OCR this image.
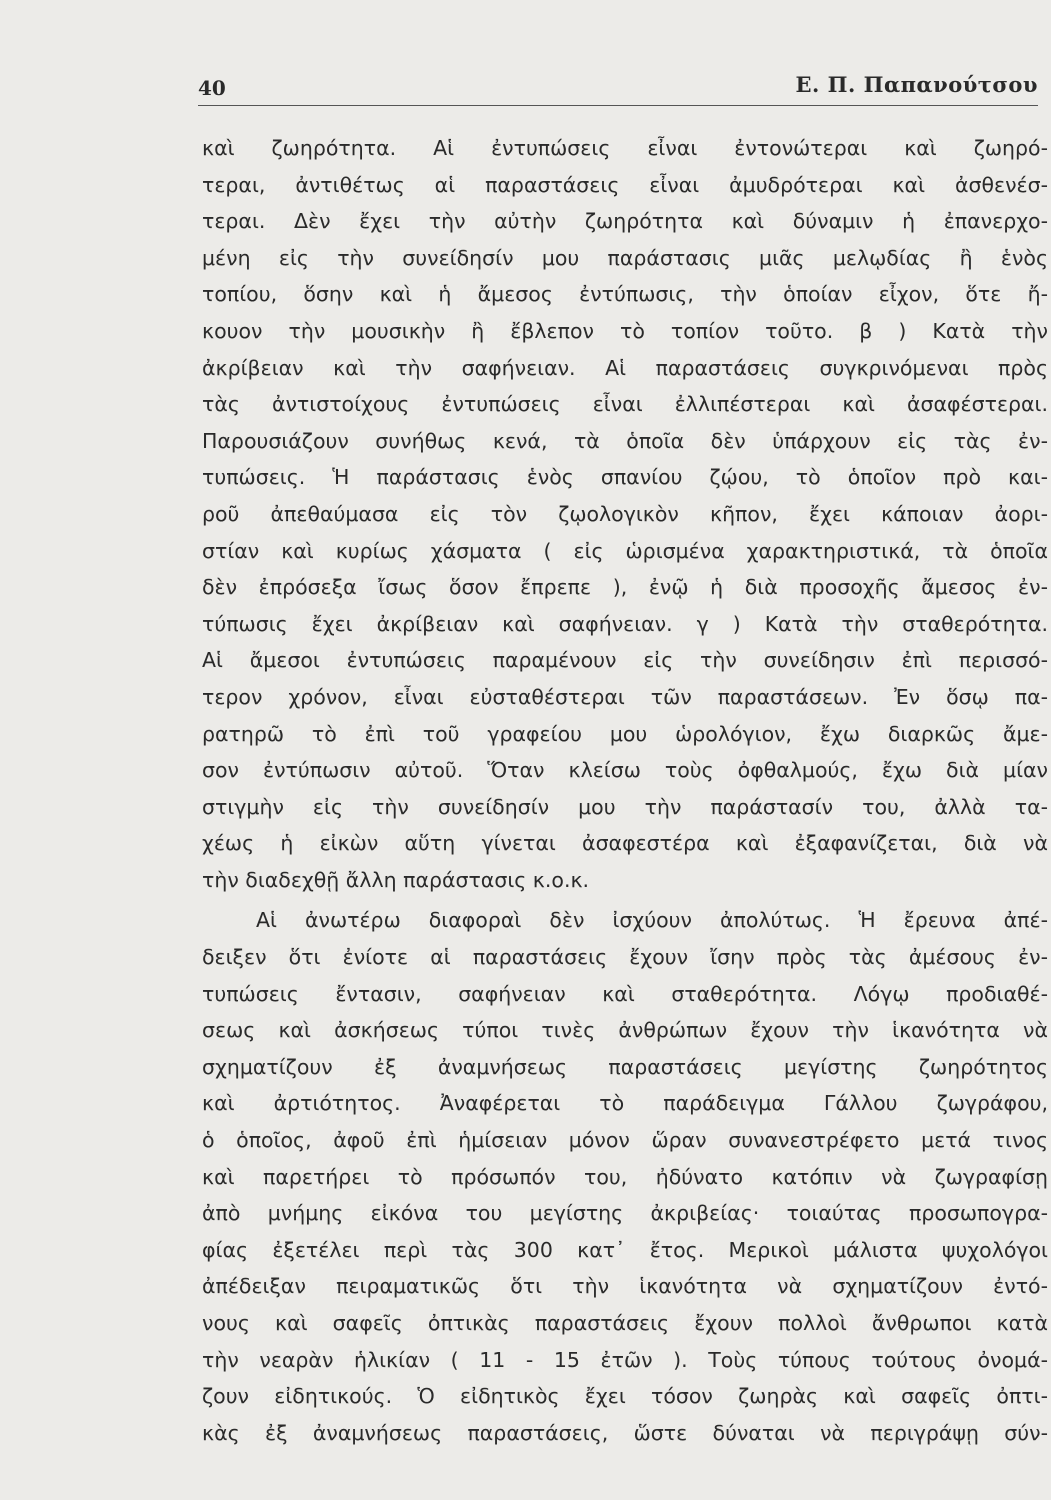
40	Ε. Π. Παπανούτσου
καὶ ζωηρότητα. Αἱ ἐντυπώσεις εἶναι ἐντονώτεραι καὶ ζωηρό-
τεραι, ἀντιθέτως αἱ παραστάσεις εἶναι ἀμυδρότεραι καὶ ἀσθενέσ-
τεραι. Δὲν ἔχει τὴν αὐτὴν ζωηρότητα καὶ δύναμιν ἡ ἐπανερχο-
μένη εἰς τὴν συνείδησίν μου παράστασις μιᾶς μελῳδίας ἢ ἑνὸς
τοπίου, ὅσην καὶ ἡ ἄμεσος ἐντύπωσις, τὴν ὁποίαν εἶχον, ὅτε ἤ-
κουον τὴν μουσικὴν ἢ ἔβλεπον τὸ τοπίον τοῦτο. β ) Κατὰ τὴν
ἀκρίβειαν καὶ τὴν σαφήνειαν. Αἱ παραστάσεις συγκρινόμεναι πρὸς
τὰς ἀντιστοίχους ἐντυπώσεις εἶναι ἐλλιπέστεραι καὶ ἀσαφέστεραι.
Παρουσιάζουν συνήθως κενά, τὰ ὁποῖα δὲν ὑπάρχουν εἰς τὰς ἐν-
τυπώσεις. Ἡ παράστασις ἑνὸς σπανίου ζῴου, τὸ ὁποῖον πρὸ και-
ροῦ ἀπεθαύμασα εἰς τὸν ζῳολογικὸν κῆπον, ἔχει κάποιαν ἀορι-
στίαν καὶ κυρίως χάσματα ( εἰς ὡρισμένα χαρακτηριστικά, τὰ ὁποῖα
δὲν ἐπρόσεξα ἴσως ὅσον ἔπρεπε ), ἐνῷ ἡ διὰ προσοχῆς ἄμεσος ἐν-
τύπωσις ἔχει ἀκρίβειαν καὶ σαφήνειαν. γ ) Κατὰ τὴν σταθερότητα.
Αἱ ἄμεσοι ἐντυπώσεις παραμένουν εἰς τὴν συνείδησιν ἐπὶ περισσό-
τερον χρόνον, εἶναι εὐσταθέστεραι τῶν παραστάσεων. Ἐν ὅσῳ πα-
ρατηρῶ τὸ ἐπὶ τοῦ γραφείου μου ὡρολόγιον, ἔχω διαρκῶς ἄμε-
σον ἐντύπωσιν αὐτοῦ. Ὅταν κλείσω τοὺς ὀφθαλμούς, ἔχω διὰ μίαν
στιγμὴν εἰς τὴν συνείδησίν μου τὴν παράστασίν του, ἀλλὰ τα-
χέως ἡ εἰκὼν αὕτη γίνεται ἀσαφεστέρα καὶ ἐξαφανίζεται, διὰ νὰ
τὴν διαδεχθῇ ἄλλη παράστασις κ.ο.κ.
Αἱ ἀνωτέρω διαφοραὶ δὲν ἰσχύουν ἀπολύτως. Ἡ ἔρευνα ἀπέ-
δειξεν ὅτι ἐνίοτε αἱ παραστάσεις ἔχουν ἴσην πρὸς τὰς ἀμέσους ἐν-
τυπώσεις ἔντασιν, σαφήνειαν καὶ σταθερότητα. Λόγῳ προδιαθέ-
σεως καὶ ἀσκήσεως τύποι τινὲς ἀνθρώπων ἔχουν τὴν ἱκανότητα νὰ
σχηματίζουν ἐξ ἀναμνήσεως παραστάσεις μεγίστης ζωηρότητος
καὶ ἀρτιότητος. Ἀναφέρεται τὸ παράδειγμα Γάλλου ζωγράφου,
ὁ ὁποῖος, ἀφοῦ ἐπὶ ἡμίσειαν μόνον ὥραν συνανεστρέφετο μετά τινος
καὶ παρετήρει τὸ πρόσωπόν του, ἠδύνατο κατόπιν νὰ ζωγραφίσῃ
ἀπὸ μνήμης εἰκόνα του μεγίστης ἀκριβείας· τοιαύτας προσωπογρα-
φίας ἐξετέλει περὶ τὰς 300 κατ᾽ ἔτος. Μερικοὶ μάλιστα ψυχολόγοι
ἀπέδειξαν πειραματικῶς ὅτι τὴν ἱκανότητα νὰ σχηματίζουν ἐντό-
νους καὶ σαφεῖς ὀπτικὰς παραστάσεις ἔχουν πολλοὶ ἄνθρωποι κατὰ
τὴν νεαρὰν ἡλικίαν ( 11 - 15 ἐτῶν ). Τοὺς τύπους τούτους ὀνομά-
ζουν εἰδητικούς. Ὁ εἰδητικὸς ἔχει τόσον ζωηρὰς καὶ σαφεῖς ὀπτι-
κὰς ἐξ ἀναμνήσεως παραστάσεις, ὥστε δύναται νὰ περιγράψῃ σύν-
